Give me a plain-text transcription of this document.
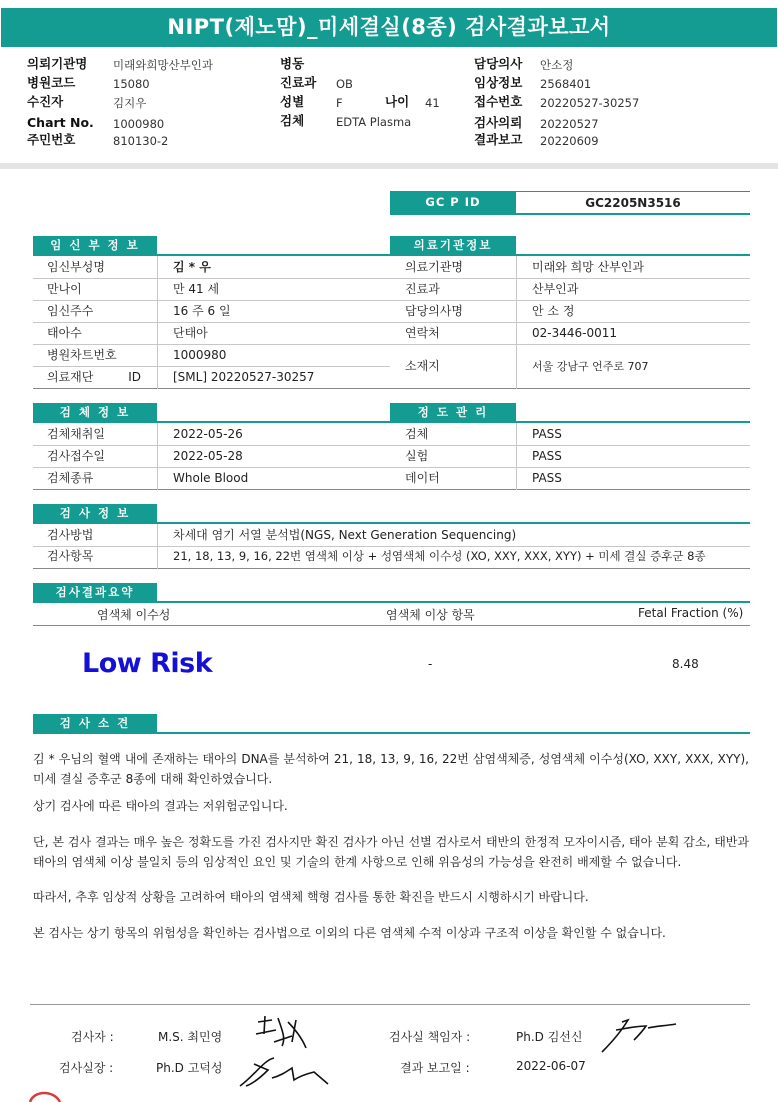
NIPT(제노맘)_미세결실(8종) 검사결과보고서
의뢰기관명 미래와희망산부인과
병원코드	15080
수진자	김지우
Chart No. 1000980
주민번호	810130-2
병동
진료과 OB
성별	F	나이 41
검체	EDTA Plasma
담당의사 안소정
임상정보 2568401
접수번호 20220527-30257
검사의뢰 20220527
결과보고 20220609
GC P ID	GC2205N3516
임 신 부 정 보
임신부성명	김 * 우
만나이	만 41 세
임신주수	16 주 6 일
태아수	단태아
병원차트번호	1000980
의료재단 ID	[SML] 20220527-30257
의료기관정보
의료기관명	미래와 희망 산부인과
진료과	산부인과
담당의사명	안 소 정
연락처	02-3446-0011
소재지	서울 강남구 언주로 707
검 체 정 보
검체채취일	2022-05-26
검사접수일	2022-05-28
검체종류	Whole Blood
정 도 관 리
검체	PASS
실험	PASS
데이터	PASS
검 사 정 보
검사방법	차세대 염기 서열 분석법(NGS, Next Generation Sequencing)
검사항목	21, 18, 13, 9, 16, 22번 염색체 이상 + 성염색체 이수성 (XO, XXY, XXX, XYY) + 미세 결실 증후군 8종
검사결과요약
염색체 이수성	염색체 이상 항목	Fetal Fraction (%)
Low Risk	-	8.48
검 사 소 견

김 * 우님의 혈액 내에 존재하는 태아의 DNA를 분석하여 21, 18, 13, 9, 16, 22번 삼염색체증, 성염색체 이수성(XO, XXY, XXX, XYY), 미세 결실 증후군 8종에 대해 확인하였습니다.

상기 검사에 따른 태아의 결과는 저위험군입니다.

단, 본 검사 결과는 매우 높은 정확도를 가진 검사지만 확진 검사가 아닌 선별 검사로서 태반의 한정적 모자이시즘, 태아 분획 감소, 태반과 태아의 염색체 이상 불일치 등의 임상적인 요인 및 기술의 한계 사항으로 인해 위음성의 가능성을 완전히 배제할 수 없습니다.

따라서, 추후 임상적 상황을 고려하여 태아의 염색체 핵형 검사를 통한 확진을 반드시 시행하시기 바랍니다.

본 검사는 상기 항목의 위험성을 확인하는 검사법으로 이외의 다른 염색체 수적 이상과 구조적 이상을 확인할 수 없습니다.

검사자 :	M.S. 최민영
검사실장 :	Ph.D 고덕성
검사실 책임자 :	Ph.D 김선신
결과 보고일 :	2022-06-07
